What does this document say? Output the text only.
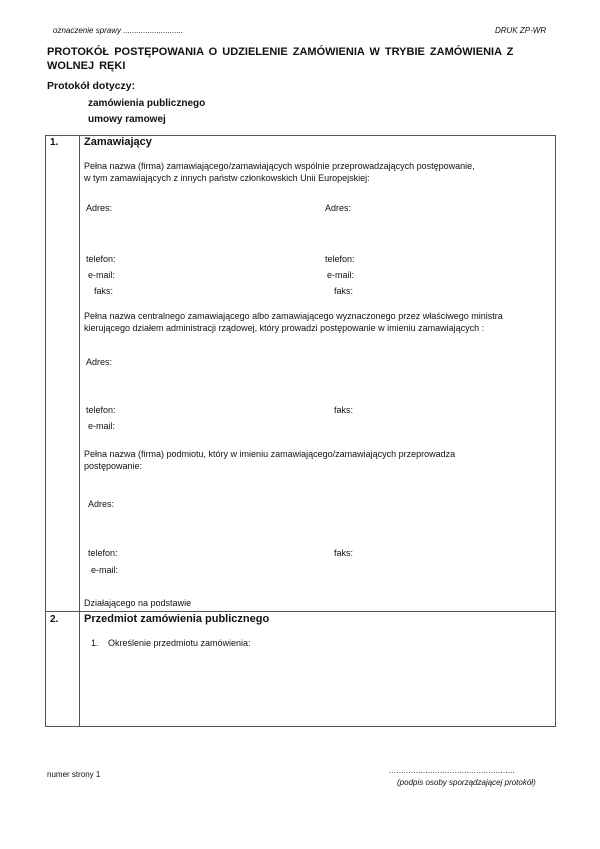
oznaczenie sprawy ...........................	DRUK ZP-WR
PROTOKÓŁ POSTĘPOWANIA O UDZIELENIE ZAMÓWIENIA W TRYBIE ZAMÓWIENIA Z WOLNEJ RĘKI
Protokół dotyczy:
zamówienia publicznego
umowy ramowej
1. Zamawiający
Pełna nazwa (firma) zamawiającego/zamawiających wspólnie przeprowadzających postępowanie,
w tym zamawiających z innych państw członkowskich Unii Europejskiej:
Adres:	Adres:
telefon:	telefon:
e-mail:	e-mail:
faks:	faks:
Pełna nazwa centralnego zamawiającego albo zamawiającego wyznaczonego przez właściwego ministra
kierującego działem administracji rządowej, który prowadzi postępowanie w imieniu zamawiających :
Adres:
telefon:	faks:
e-mail:
Pełna nazwa (firma) podmiotu, który w imieniu zamawiającego/zamawiających przeprowadza
postępowanie:
Adres:
telefon:	faks:
e-mail:
Działającego na podstawie
2. Przedmiot zamówienia publicznego
1. Określenie przedmiotu zamówienia:
numer strony 1	....................................................
(podpis osoby sporządzającej protokół)
